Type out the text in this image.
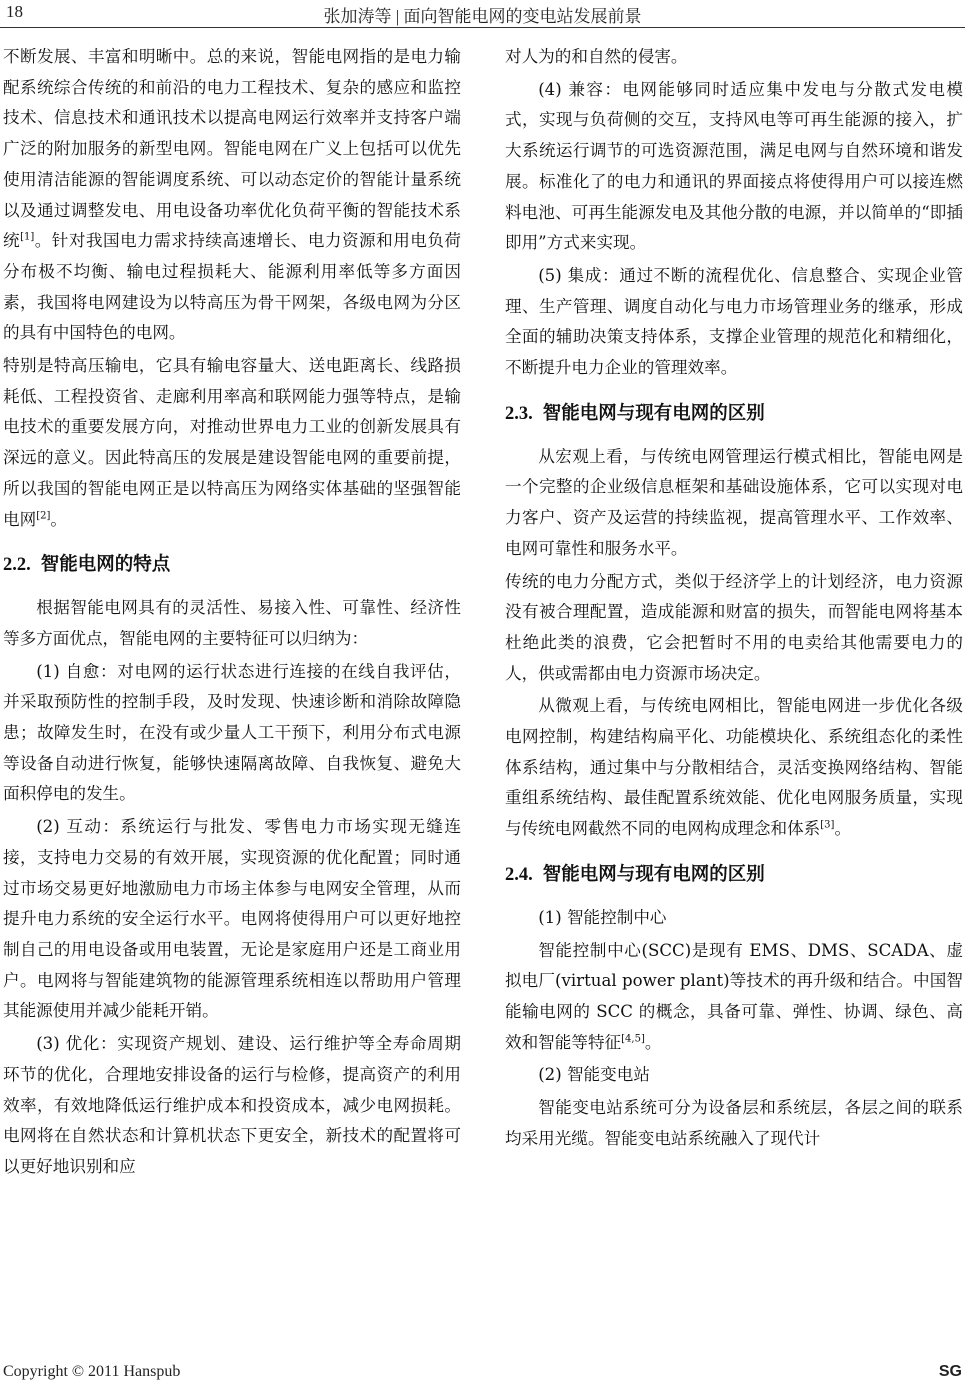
18	张加涛等 | 面向智能电网的变电站发展前景

不断发展、丰富和明晰中。总的来说，智能电网指的是电力输配系统综合传统的和前沿的电力工程技术、复杂的感应和监控技术、信息技术和通讯技术以提高电网运行效率并支持客户端广泛的附加服务的新型电网。智能电网在广义上包括可以优先使用清洁能源的智能调度系统、可以动态定价的智能计量系统以及通过调整发电、用电设备功率优化负荷平衡的智能技术系统[1]。针对我国电力需求持续高速增长、电力资源和用电负荷分布极不均衡、输电过程损耗大、能源利用率低等多方面因素，我国将电网建设为以特高压为骨干网架，各级电网为分区的具有中国特色的电网。

特别是特高压输电，它具有输电容量大、送电距离长、线路损耗低、工程投资省、走廊利用率高和联网能力强等特点，是输电技术的重要发展方向，对推动世界电力工业的创新发展具有深远的意义。因此特高压的发展是建设智能电网的重要前提，所以我国的智能电网正是以特高压为网络实体基础的坚强智能电网[2]。

2.2. 智能电网的特点

根据智能电网具有的灵活性、易接入性、可靠性、经济性等多方面优点，智能电网的主要特征可以归纳为：

(1) 自愈：对电网的运行状态进行连接的在线自我评估，并采取预防性的控制手段，及时发现、快速诊断和消除故障隐患；故障发生时，在没有或少量人工干预下，利用分布式电源等设备自动进行恢复，能够快速隔离故障、自我恢复、避免大面积停电的发生。

(2) 互动：系统运行与批发、零售电力市场实现无缝连接，支持电力交易的有效开展，实现资源的优化配置；同时通过市场交易更好地激励电力市场主体参与电网安全管理，从而提升电力系统的安全运行水平。电网将使得用户可以更好地控制自己的用电设备或用电装置，无论是家庭用户还是工商业用户。电网将与智能建筑物的能源管理系统相连以帮助用户管理其能源使用并减少能耗开销。

(3) 优化：实现资产规划、建设、运行维护等全寿命周期环节的优化，合理地安排设备的运行与检修，提高资产的利用效率，有效地降低运行维护成本和投资成本，减少电网损耗。电网将在自然状态和计算机状态下更安全，新技术的配置将可以更好地识别和应

对人为的和自然的侵害。

(4) 兼容：电网能够同时适应集中发电与分散式发电模式，实现与负荷侧的交互，支持风电等可再生能源的接入，扩大系统运行调节的可选资源范围，满足电网与自然环境和谐发展。标准化了的电力和通讯的界面接点将使得用户可以接连燃料电池、可再生能源发电及其他分散的电源，并以简单的“即插即用”方式来实现。

(5) 集成：通过不断的流程优化、信息整合、实现企业管理、生产管理、调度自动化与电力市场管理业务的继承，形成全面的辅助决策支持体系，支撑企业管理的规范化和精细化，不断提升电力企业的管理效率。

2.3. 智能电网与现有电网的区别

从宏观上看，与传统电网管理运行模式相比，智能电网是一个完整的企业级信息框架和基础设施体系，它可以实现对电力客户、资产及运营的持续监视，提高管理水平、工作效率、电网可靠性和服务水平。

传统的电力分配方式，类似于经济学上的计划经济，电力资源没有被合理配置，造成能源和财富的损失，而智能电网将基本杜绝此类的浪费，它会把暂时不用的电卖给其他需要电力的人，供或需都由电力资源市场决定。

从微观上看，与传统电网相比，智能电网进一步优化各级电网控制，构建结构扁平化、功能模块化、系统组态化的柔性体系结构，通过集中与分散相结合，灵活变换网络结构、智能重组系统结构、最佳配置系统效能、优化电网服务质量，实现与传统电网截然不同的电网构成理念和体系[3]。

2.4. 智能电网与现有电网的区别

(1) 智能控制中心

智能控制中心(SCC)是现有 EMS、DMS、SCADA、虚拟电厂(virtual power plant)等技术的再升级和结合。中国智能输电网的 SCC 的概念，具备可靠、弹性、协调、绿色、高效和智能等特征[4,5]。

(2) 智能变电站

智能变电站系统可分为设备层和系统层，各层之间的联系均采用光缆。智能变电站系统融入了现代计

Copyright © 2011 Hanspub	SG
